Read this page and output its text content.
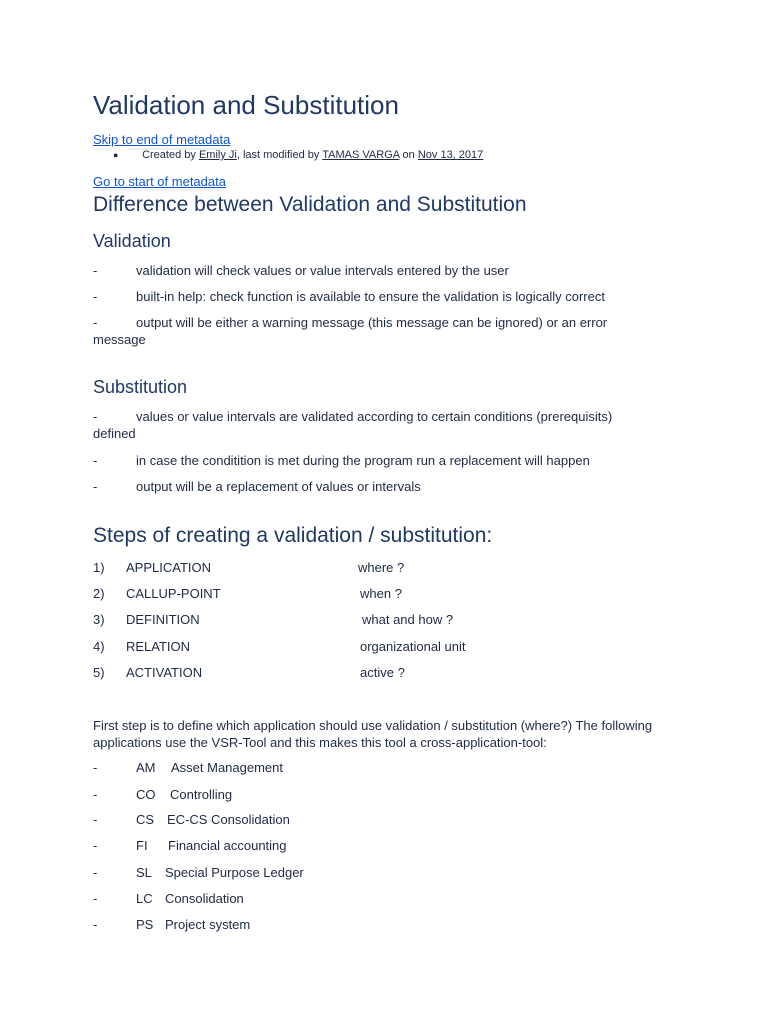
Validation and Substitution
Skip to end of metadata
● Created by Emily Ji, last modified by TAMAS VARGA on Nov 13, 2017
Go to start of metadata
Difference between Validation and Substitution
Validation
-	validation will check values or value intervals entered by the user
-	built-in help: check function is available to ensure the validation is logically correct
-	output will be either a warning message (this message can be ignored) or an error message
Substitution
-	values or value intervals are validated according to certain conditions (prerequisits) defined
-	in case the conditition is met during the program run a replacement will happen
-	output will be a replacement of values or intervals
Steps of creating a validation / substitution:
1) APPLICATION	where ?
2) CALLUP-POINT	when ?
3) DEFINITION	what and how ?
4) RELATION	organizational unit
5) ACTIVATION	active ?
First step is to define which application should use validation / substitution (where?) The following applications use the VSR-Tool and this makes this tool a cross-application-tool:
-	AM Asset Management
-	CO Controlling
-	CS EC-CS Consolidation
-	FI Financial accounting
-	SL Special Purpose Ledger
-	LC Consolidation
-	PS Project system
